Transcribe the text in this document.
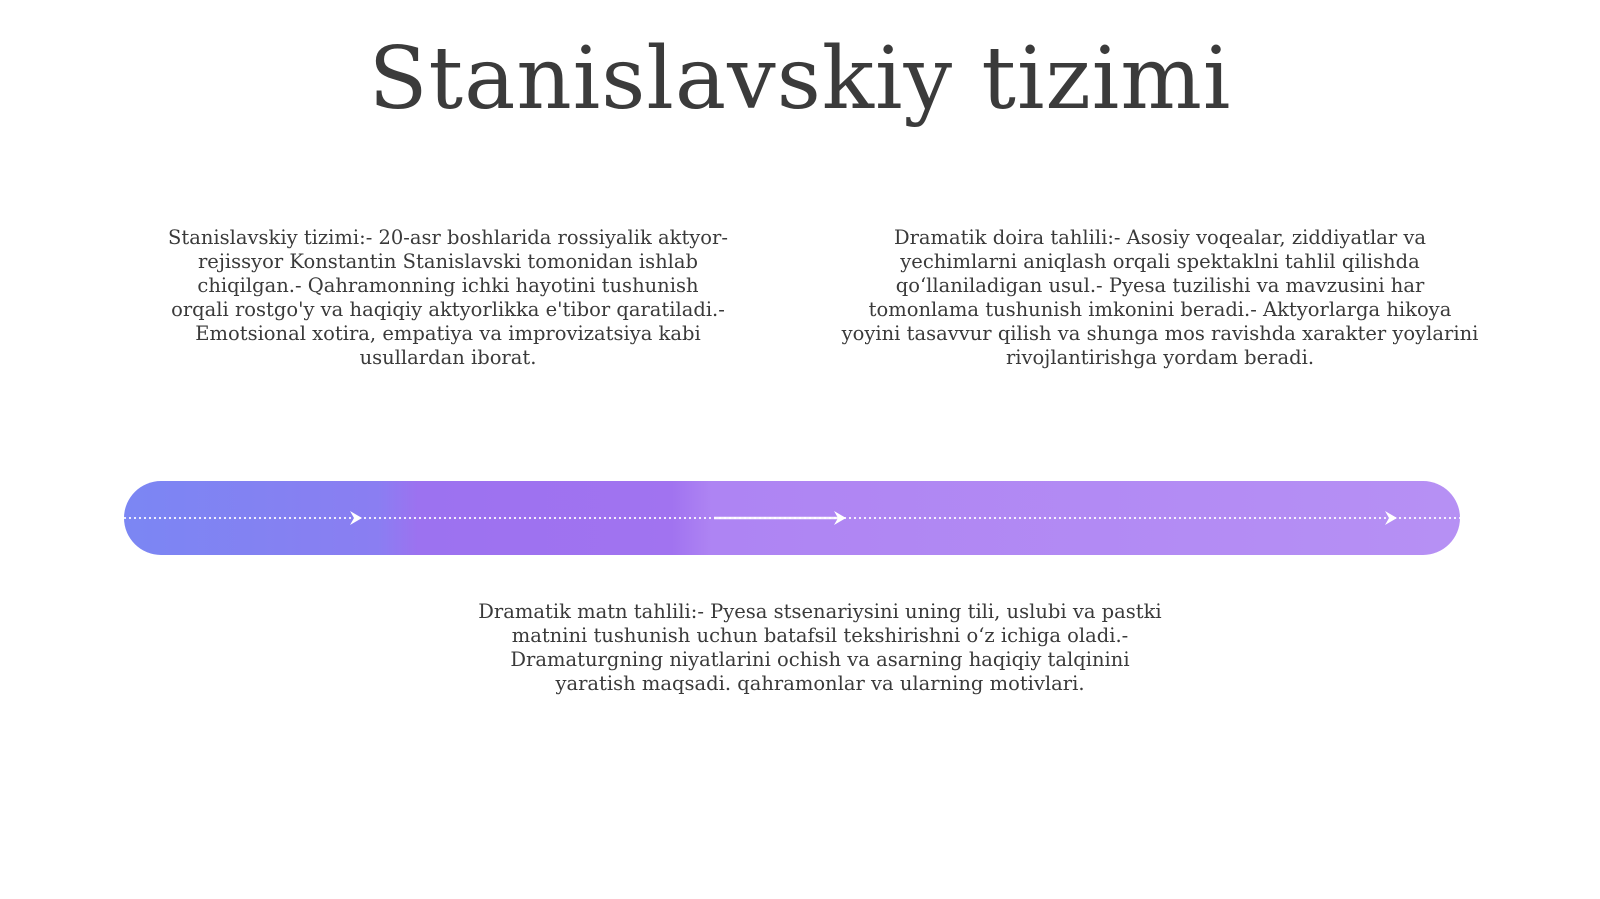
Stanislavskiy tizimi

Stanislavskiy tizimi:- 20-asr boshlarida rossiyalik aktyor-rejissyor Konstantin Stanislavski tomonidan ishlab chiqilgan.- Qahramonning ichki hayotini tushunish orqali rostgo'y va haqiqiy aktyorlikka e'tibor qaratiladi.- Emotsional xotira, empatiya va improvizatsiya kabi usullardan iborat.

Dramatik doira tahlili:- Asosiy voqealar, ziddiyatlar va yechimlarni aniqlash orqali spektaklni tahlil qilishda qo‘llaniladigan usul.- Pyesa tuzilishi va mavzusini har tomonlama tushunish imkonini beradi.- Aktyorlarga hikoya yoyini tasavvur qilish va shunga mos ravishda xarakter yoylarini rivojlantirishga yordam beradi.

Dramatik matn tahlili:- Pyesa stsenariysini uning tili, uslubi va pastki matnini tushunish uchun batafsil tekshirishni o‘z ichiga oladi.- Dramaturgning niyatlarini ochish va asarning haqiqiy talqinini yaratish maqsadi. qahramonlar va ularning motivlari.
